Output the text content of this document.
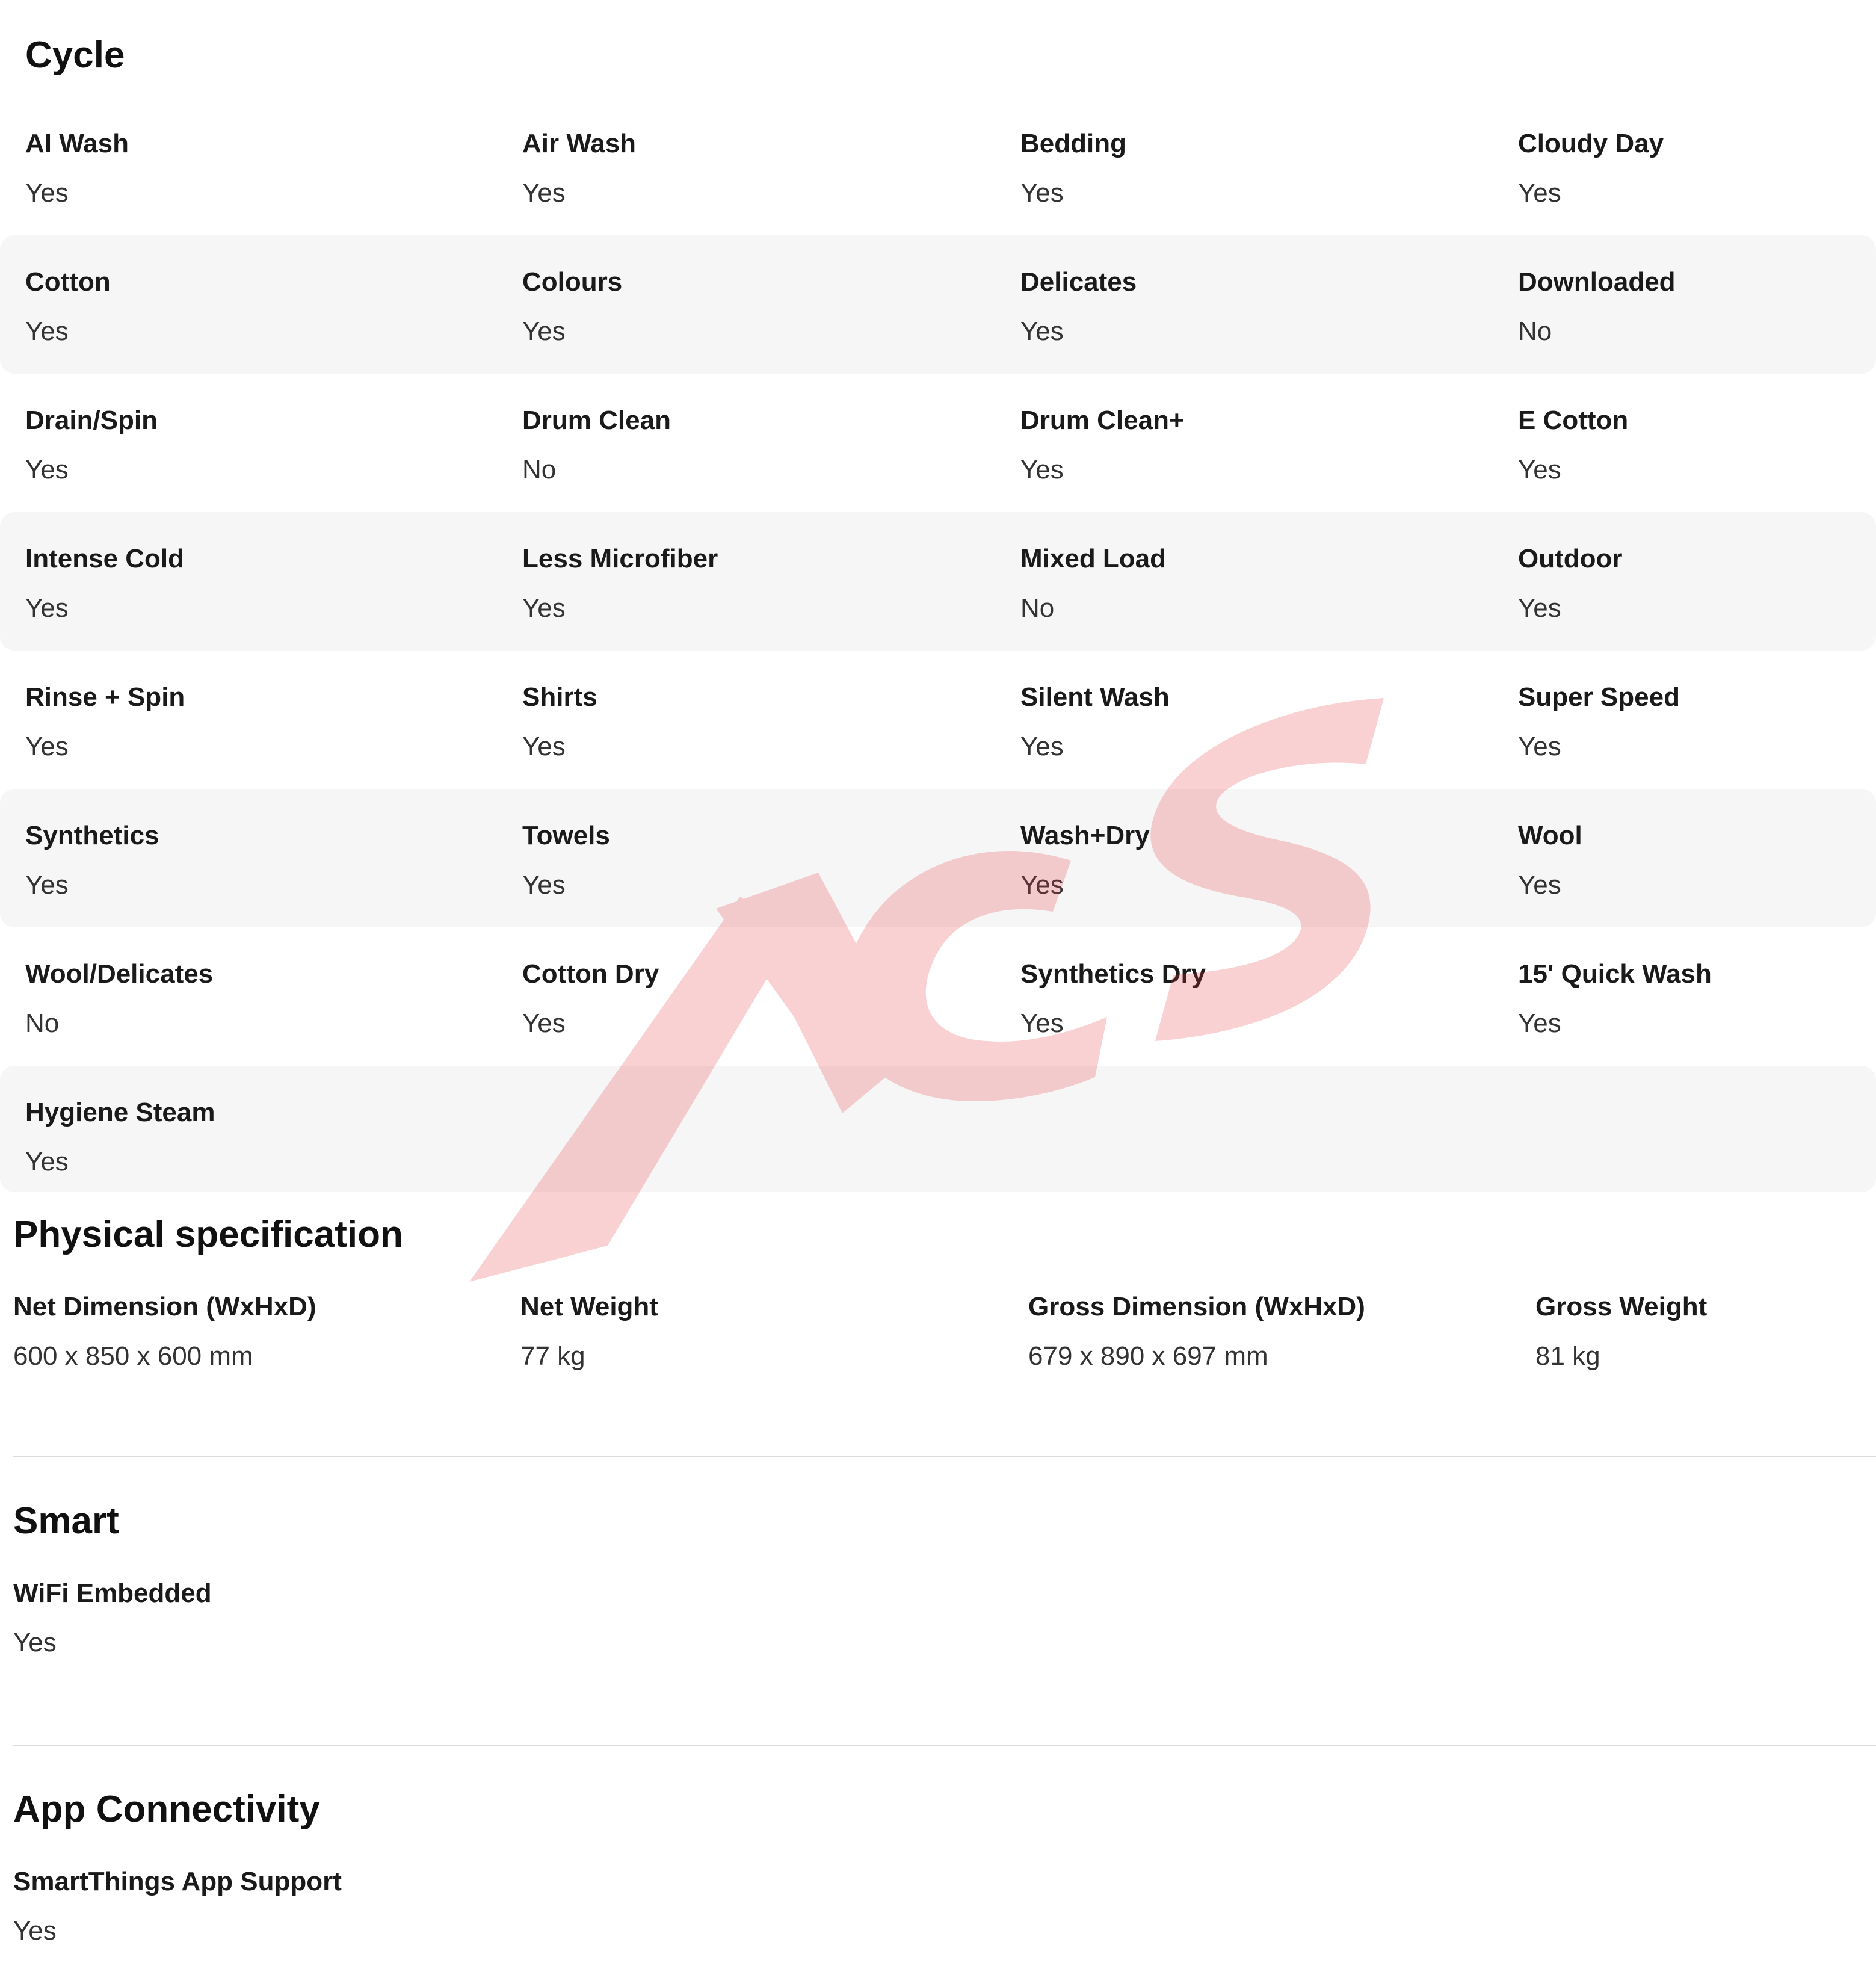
Cycle
AI Wash
Yes
Air Wash
Yes
Bedding
Yes
Cloudy Day
Yes
Cotton
Yes
Colours
Yes
Delicates
Yes
Downloaded
No
Drain/Spin
Yes
Drum Clean
No
Drum Clean+
Yes
E Cotton
Yes
Intense Cold
Yes
Less Microfiber
Yes
Mixed Load
No
Outdoor
Yes
Rinse + Spin
Yes
Shirts
Yes
Silent Wash
Yes
Super Speed
Yes
Synthetics
Yes
Towels
Yes
Wash+Dry
Yes
Wool
Yes
Wool/Delicates
No
Cotton Dry
Yes
Synthetics Dry
Yes
15' Quick Wash
Yes
Hygiene Steam
Yes
Physical specification
Net Dimension (WxHxD)
600 x 850 x 600 mm
Net Weight
77 kg
Gross Dimension (WxHxD)
679 x 890 x 697 mm
Gross Weight
81 kg
Smart
WiFi Embedded
Yes
App Connectivity
SmartThings App Support
Yes
